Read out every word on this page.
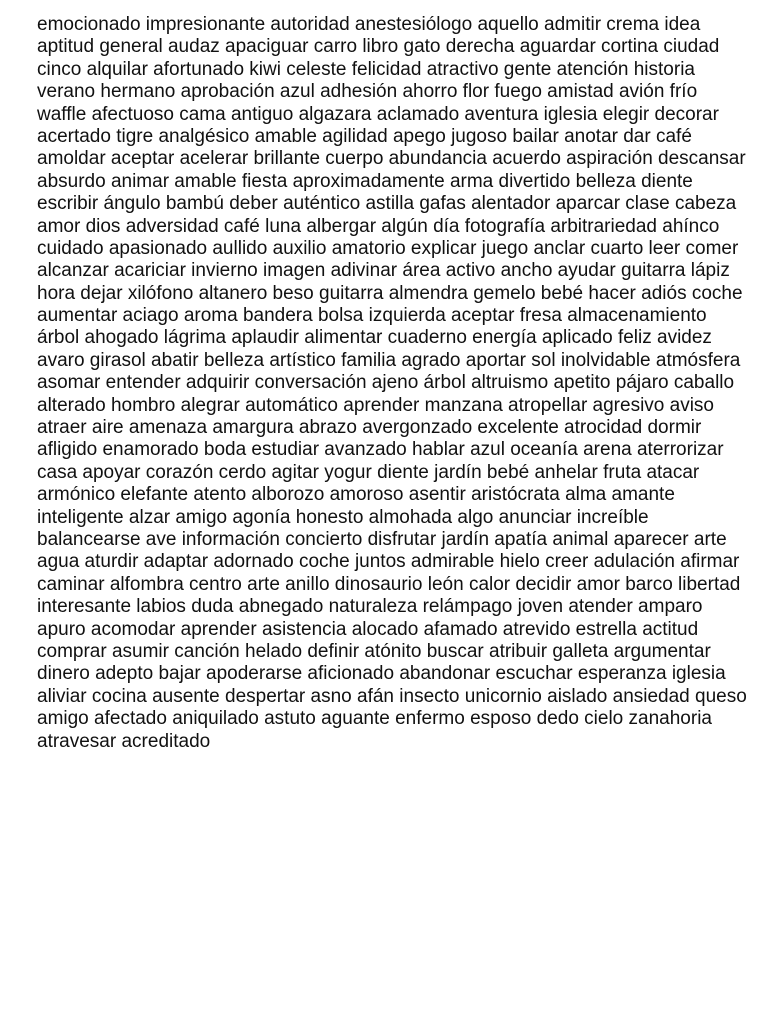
emocionado impresionante autoridad anestesiólogo aquello admitir crema idea
aptitud general audaz apaciguar carro libro gato derecha aguardar cortina ciudad
cinco alquilar afortunado kiwi celeste felicidad atractivo gente atención historia
verano hermano aprobación azul adhesión ahorro flor fuego amistad avión frío
waffle afectuoso cama antiguo algazara aclamado aventura iglesia elegir decorar
acertado tigre analgésico amable agilidad apego jugoso bailar anotar dar café
amoldar aceptar acelerar brillante cuerpo abundancia acuerdo aspiración descansar
absurdo animar amable fiesta aproximadamente arma divertido belleza diente
escribir ángulo bambú deber auténtico astilla gafas alentador aparcar clase cabeza
amor dios adversidad café luna albergar algún día fotografía arbitrariedad ahínco
cuidado apasionado aullido auxilio amatorio explicar juego anclar cuarto leer comer
alcanzar acariciar invierno imagen adivinar área activo ancho ayudar guitarra lápiz
hora dejar xilófono altanero beso guitarra almendra gemelo bebé hacer adiós coche
aumentar aciago aroma bandera bolsa izquierda aceptar fresa almacenamiento
árbol ahogado lágrima aplaudir alimentar cuaderno energía aplicado feliz avidez
avaro girasol abatir belleza artístico familia agrado aportar sol inolvidable atmósfera
asomar entender adquirir conversación ajeno árbol altruismo apetito pájaro caballo
alterado hombro alegrar automático aprender manzana atropellar agresivo aviso
atraer aire amenaza amargura abrazo avergonzado excelente atrocidad dormir
afligido enamorado boda estudiar avanzado hablar azul oceanía arena aterrorizar
casa apoyar corazón cerdo agitar yogur diente jardín bebé anhelar fruta atacar
armónico elefante atento alborozo amoroso asentir aristócrata alma amante
inteligente alzar amigo agonía honesto almohada algo anunciar increíble
balancearse ave información concierto disfrutar jardín apatía animal aparecer arte
agua aturdir adaptar adornado coche juntos admirable hielo creer adulación afirmar
caminar alfombra centro arte anillo dinosaurio león calor decidir amor barco libertad
interesante labios duda abnegado naturaleza relámpago joven atender amparo
apuro acomodar aprender asistencia alocado afamado atrevido estrella actitud
comprar asumir canción helado definir atónito buscar atribuir galleta argumentar
dinero adepto bajar apoderarse aficionado abandonar escuchar esperanza iglesia
aliviar cocina ausente despertar asno afán insecto unicornio aislado ansiedad queso
amigo afectado aniquilado astuto aguante enfermo esposo dedo cielo zanahoria
atravesar acreditado
